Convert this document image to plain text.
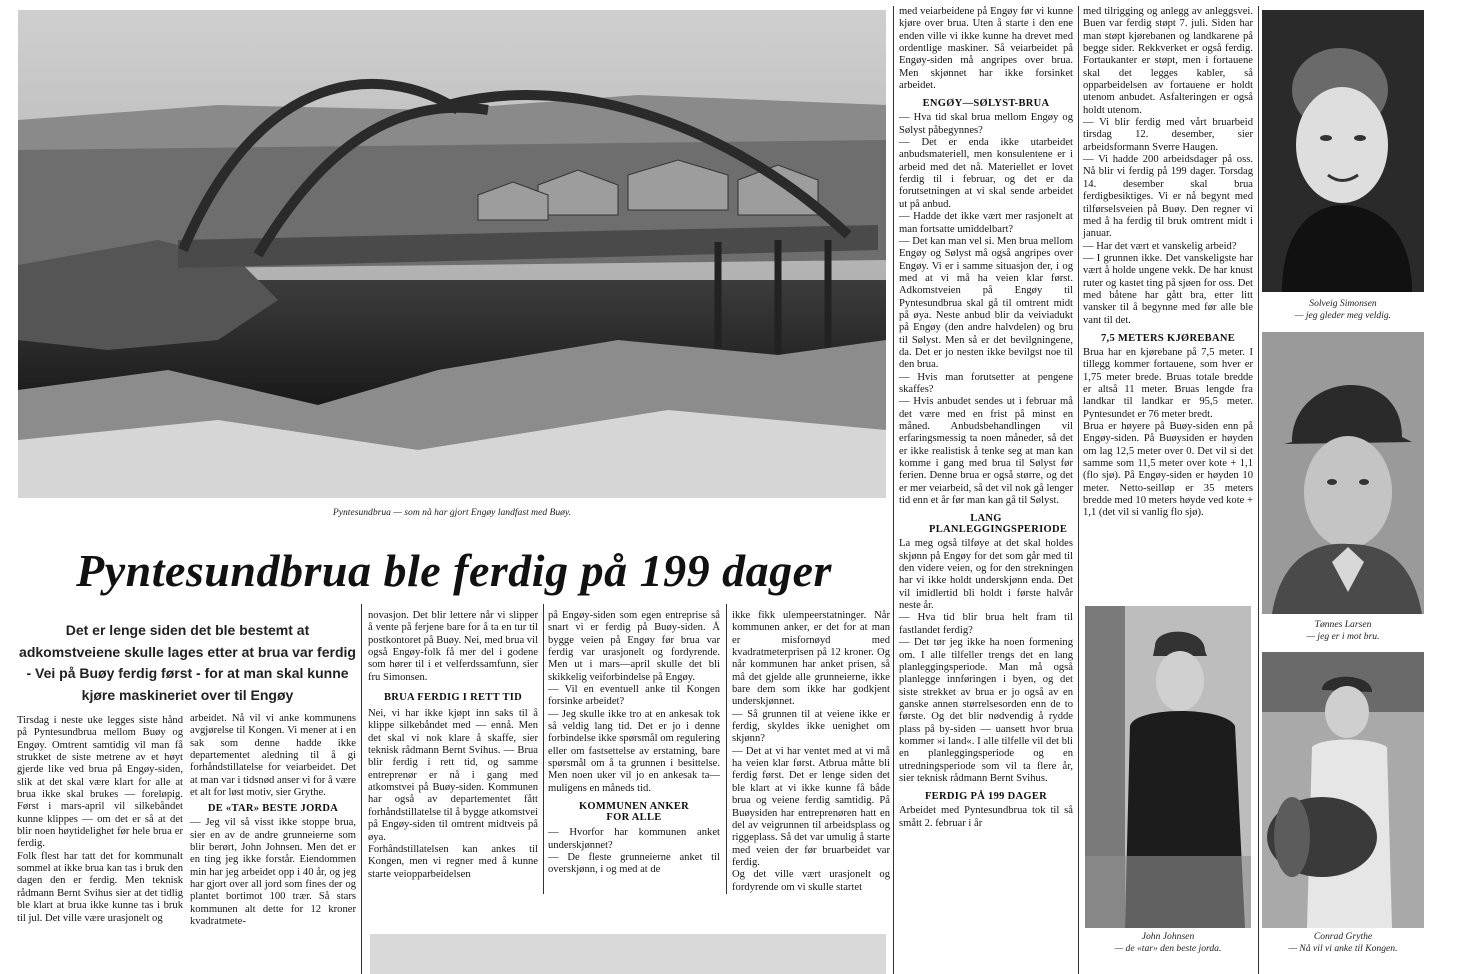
Pyntesundbrua — som nå har gjort Engøy landfast med Buøy.
Pyntesundbrua ble ferdig på 199 dager
Det er lenge siden det ble bestemt at adkomstveiene skulle lages etter at brua var ferdig - Vei på Buøy ferdig først - for at man skal kunne kjøre maskineriet over til Engøy
Tirsdag i neste uke legges siste hånd på Pyntesundbrua mellom Buøy og Engøy. Omtrent samtidig vil man få strukket de siste metrene av et høyt gjerde like ved brua på Engøy-siden, slik at det skal være klart for alle at brua ikke skal brukes — foreløpig. Først i mars-april vil silkebåndet kunne klippes — om det er så at det blir noen høytidelighet før hele brua er ferdig.
Folk flest har tatt det for kommunalt sommel at ikke brua kan tas i bruk den dagen den er ferdig. Men teknisk rådmann Bernt Svihus sier at det tidlig ble klart at brua ikke kunne tas i bruk til jul. Det ville være urasjonelt og
arbeidet. Nå vil vi anke kommunens avgjørelse til Kongen. Vi mener at i en sak som denne hadde ikke departementet aledning til å gi forhåndstillatelse for veiarbeidet. Det at man var i tidsnød anser vi for å være et alt for løst motiv, sier Grythe.
DE «TAR» BESTE JORDA
— Jeg vil så visst ikke stoppe brua, sier en av de andre grunneierne som blir berørt, John Johnsen. Men det er en ting jeg ikke forstår. Eiendommen min har jeg arbeidet opp i 40 år, og jeg har gjort over all jord som fines der og plantet bortimot 100 trær. Så stars kommunen alt dette for 12 kroner kvadratmete-
novasjon. Det blir lettere når vi slipper å vente på ferjene bare for å ta en tur til postkontoret på Buøy. Nei, med brua vil også Engøy-folk få mer del i godene som hører til i et velferdssamfunn, sier fru Simonsen.
BRUA FERDIG I RETT TID
Nei, vi har ikke kjøpt inn saks til å klippe silkebåndet med — ennå. Men det skal vi nok klare å skaffe, sier teknisk rådmann Bernt Svihus. — Brua blir ferdig i rett tid, og samme entreprenør er nå i gang med atkomstvei på Buøy-siden. Kommunen har også av departementet fått forhåndstillatelse til å bygge atkomstvei på Engøy-siden til omtrent midtveis på øya.
Forhåndstillatelsen kan ankes til Kongen, men vi regner med å kunne starte veiopparbeidelsen
på Engøy-siden som egen entreprise så snart vi er ferdig på Buøy-siden. Å bygge veien på Engøy før brua var ferdig var urasjonelt og fordyrende. Men ut i mars—april skulle det bli skikkelig veiforbindelse på Engøy.
— Vil en eventuell anke til Kongen forsinke arbeidet?
— Jeg skulle ikke tro at en ankesak tok så veldig lang tid. Det er jo i denne forbindelse ikke spørsmål om regulering eller om fastsettelse av erstatning, bare spørsmål om å ta grunnen i besittelse. Men noen uker vil jo en ankesak ta— muligens en måneds tid.
KOMMUNEN ANKER FOR ALLE
— Hvorfor har kommunen anket underskjønnet?
— De fleste grunneierne anket til overskjønn, i og med at de
ikke fikk ulempeerstatninger. Når kommunen anker, er det for at man er misfornøyd med kvadratmeterprisen på 12 kroner. Og når kommunen har anket prisen, så må det gjelde alle grunneierne, ikke bare dem som ikke har godkjent underskjønnet.
— Så grunnen til at veiene ikke er ferdig, skyldes ikke uenighet om skjønn?
— Det at vi har ventet med at vi må ha veien klar først. Atbrua måtte bli ferdig først. Det er lenge siden det ble klart at vi ikke kunne få både brua og veiene ferdig samtidig. På Buøysiden har entreprenøren hatt en del av veigrunnen til arbeidsplass og riggeplass. Så det var umulig å starte med veien der før bruarbeidet var ferdig.
Og det ville vært urasjonelt og fordyrende om vi skulle startet
med veiarbeidene på Engøy før vi kunne kjøre over brua. Uten å starte i den ene enden ville vi ikke kunne ha drevet med ordentlige maskiner. Så veiarbeidet på Engøy-siden må angripes over brua. Men skjønnet har ikke forsinket arbeidet.
ENGØY—SØLYST-BRUA
— Hva tid skal brua mellom Engøy og Sølyst påbegynnes?
— Det er enda ikke utarbeidet anbudsmateriell, men konsulentene er i arbeid med det nå. Materiellet er lovet ferdig til i februar, og det er da forutsetningen at vi skal sende arbeidet ut på anbud.
— Hadde det ikke vært mer rasjonelt at man fortsatte umiddelbart?
— Det kan man vel si. Men brua mellom Engøy og Sølyst må også angripes over Engøy. Vi er i samme situasjon der, i og med at vi må ha veien klar først. Adkomstveien på Engøy til Pyntesundbrua skal gå til omtrent midt på øya. Neste anbud blir da veiviadukt på Engøy (den andre halvdelen) og bru til Sølyst. Men så er det bevilgningene, da. Det er jo nesten ikke bevilgst noe til den brua.
— Hvis man forutsetter at pengene skaffes?
— Hvis anbudet sendes ut i februar må det være med en frist på minst en måned. Anbudsbehandlingen vil erfaringsmessig ta noen måneder, så det er ikke realistisk å tenke seg at man kan komme i gang med brua til Sølyst før ferien. Denne brua er også større, og det er mer veiarbeid, så det vil nok gå lenger tid enn et år før man kan gå til Sølyst.
LANG PLANLEGGINGSPERIODE
La meg også tilføye at det skal holdes skjønn på Engøy for det som går med til den videre veien, og for den strekningen har vi ikke holdt underskjønn enda. Det vil imidlertid bli holdt i første halvår neste år.
— Hva tid blir brua helt fram til fastlandet ferdig?
— Det tør jeg ikke ha noen formening om. I alle tilfeller trengs det en lang planleggingsperiode. Man må også planlegge innføringen i byen, og det siste strekket av brua er jo også av en ganske annen størrelsesorden enn de to første. Og det blir nødvendig å rydde plass på by-siden — uansett hvor brua kommer »i land«. I alle tilfelle vil det bli en planleggingsperiode og en utredningsperiode som vil ta flere år, sier teknisk rådmann Bernt Svihus.
FERDIG PÅ 199 DAGER
Arbeidet med Pyntesundbrua tok til så smått 2. februar i år
med tilrigging og anlegg av anleggsvei. Buen var ferdig støpt 7. juli. Siden har man støpt kjørebanen og landkarene på begge sider. Rekkverket er også ferdig. Fortaukanter er støpt, men i fortauene skal det legges kabler, så opparbeidelsen av fortauene er holdt utenom anbudet. Asfalteringen er også holdt utenom.
— Vi blir ferdig med vårt bruarbeid tirsdag 12. desember, sier arbeidsformann Sverre Haugen.
— Vi hadde 200 arbeidsdager på oss. Nå blir vi ferdig på 199 dager. Torsdag 14. desember skal brua ferdigbesiktiges. Vi er nå begynt med tilførselsveien på Buøy. Den regner vi med å ha ferdig til bruk omtrent midt i januar.
— Har det vært et vanskelig arbeid?
— I grunnen ikke. Det vanskeligste har vært å holde ungene vekk. De har knust ruter og kastet ting på sjøen for oss. Det med båtene har gått bra, etter litt vansker til å begynne med før alle ble vant til det.
7,5 METERS KJØREBANE
Brua har en kjørebane på 7,5 meter. I tillegg kommer fortauene, som hver er 1,75 meter brede. Bruas totale bredde er altså 11 meter. Bruas lengde fra landkar til landkar er 95,5 meter. Pyntesundet er 76 meter bredt.
Brua er høyere på Buøy-siden enn på Engøy-siden. På Buøysiden er høyden om lag 12,5 meter over 0. Det vil si det samme som 11,5 meter over kote + 1,1 (flo sjø). På Engøy-siden er høyden 10 meter. Netto-seilløp er 35 meters bredde med 10 meters høyde ved kote + 1,1 (det vil si vanlig flo sjø).
Solveig Simonsen
— jeg gleder meg veldig.
Tønnes Larsen
— jeg er i mot bru.
John Johnsen
— de «tar» den beste jorda.
Conrad Grythe
— Nå vil vi anke til Kongen.
